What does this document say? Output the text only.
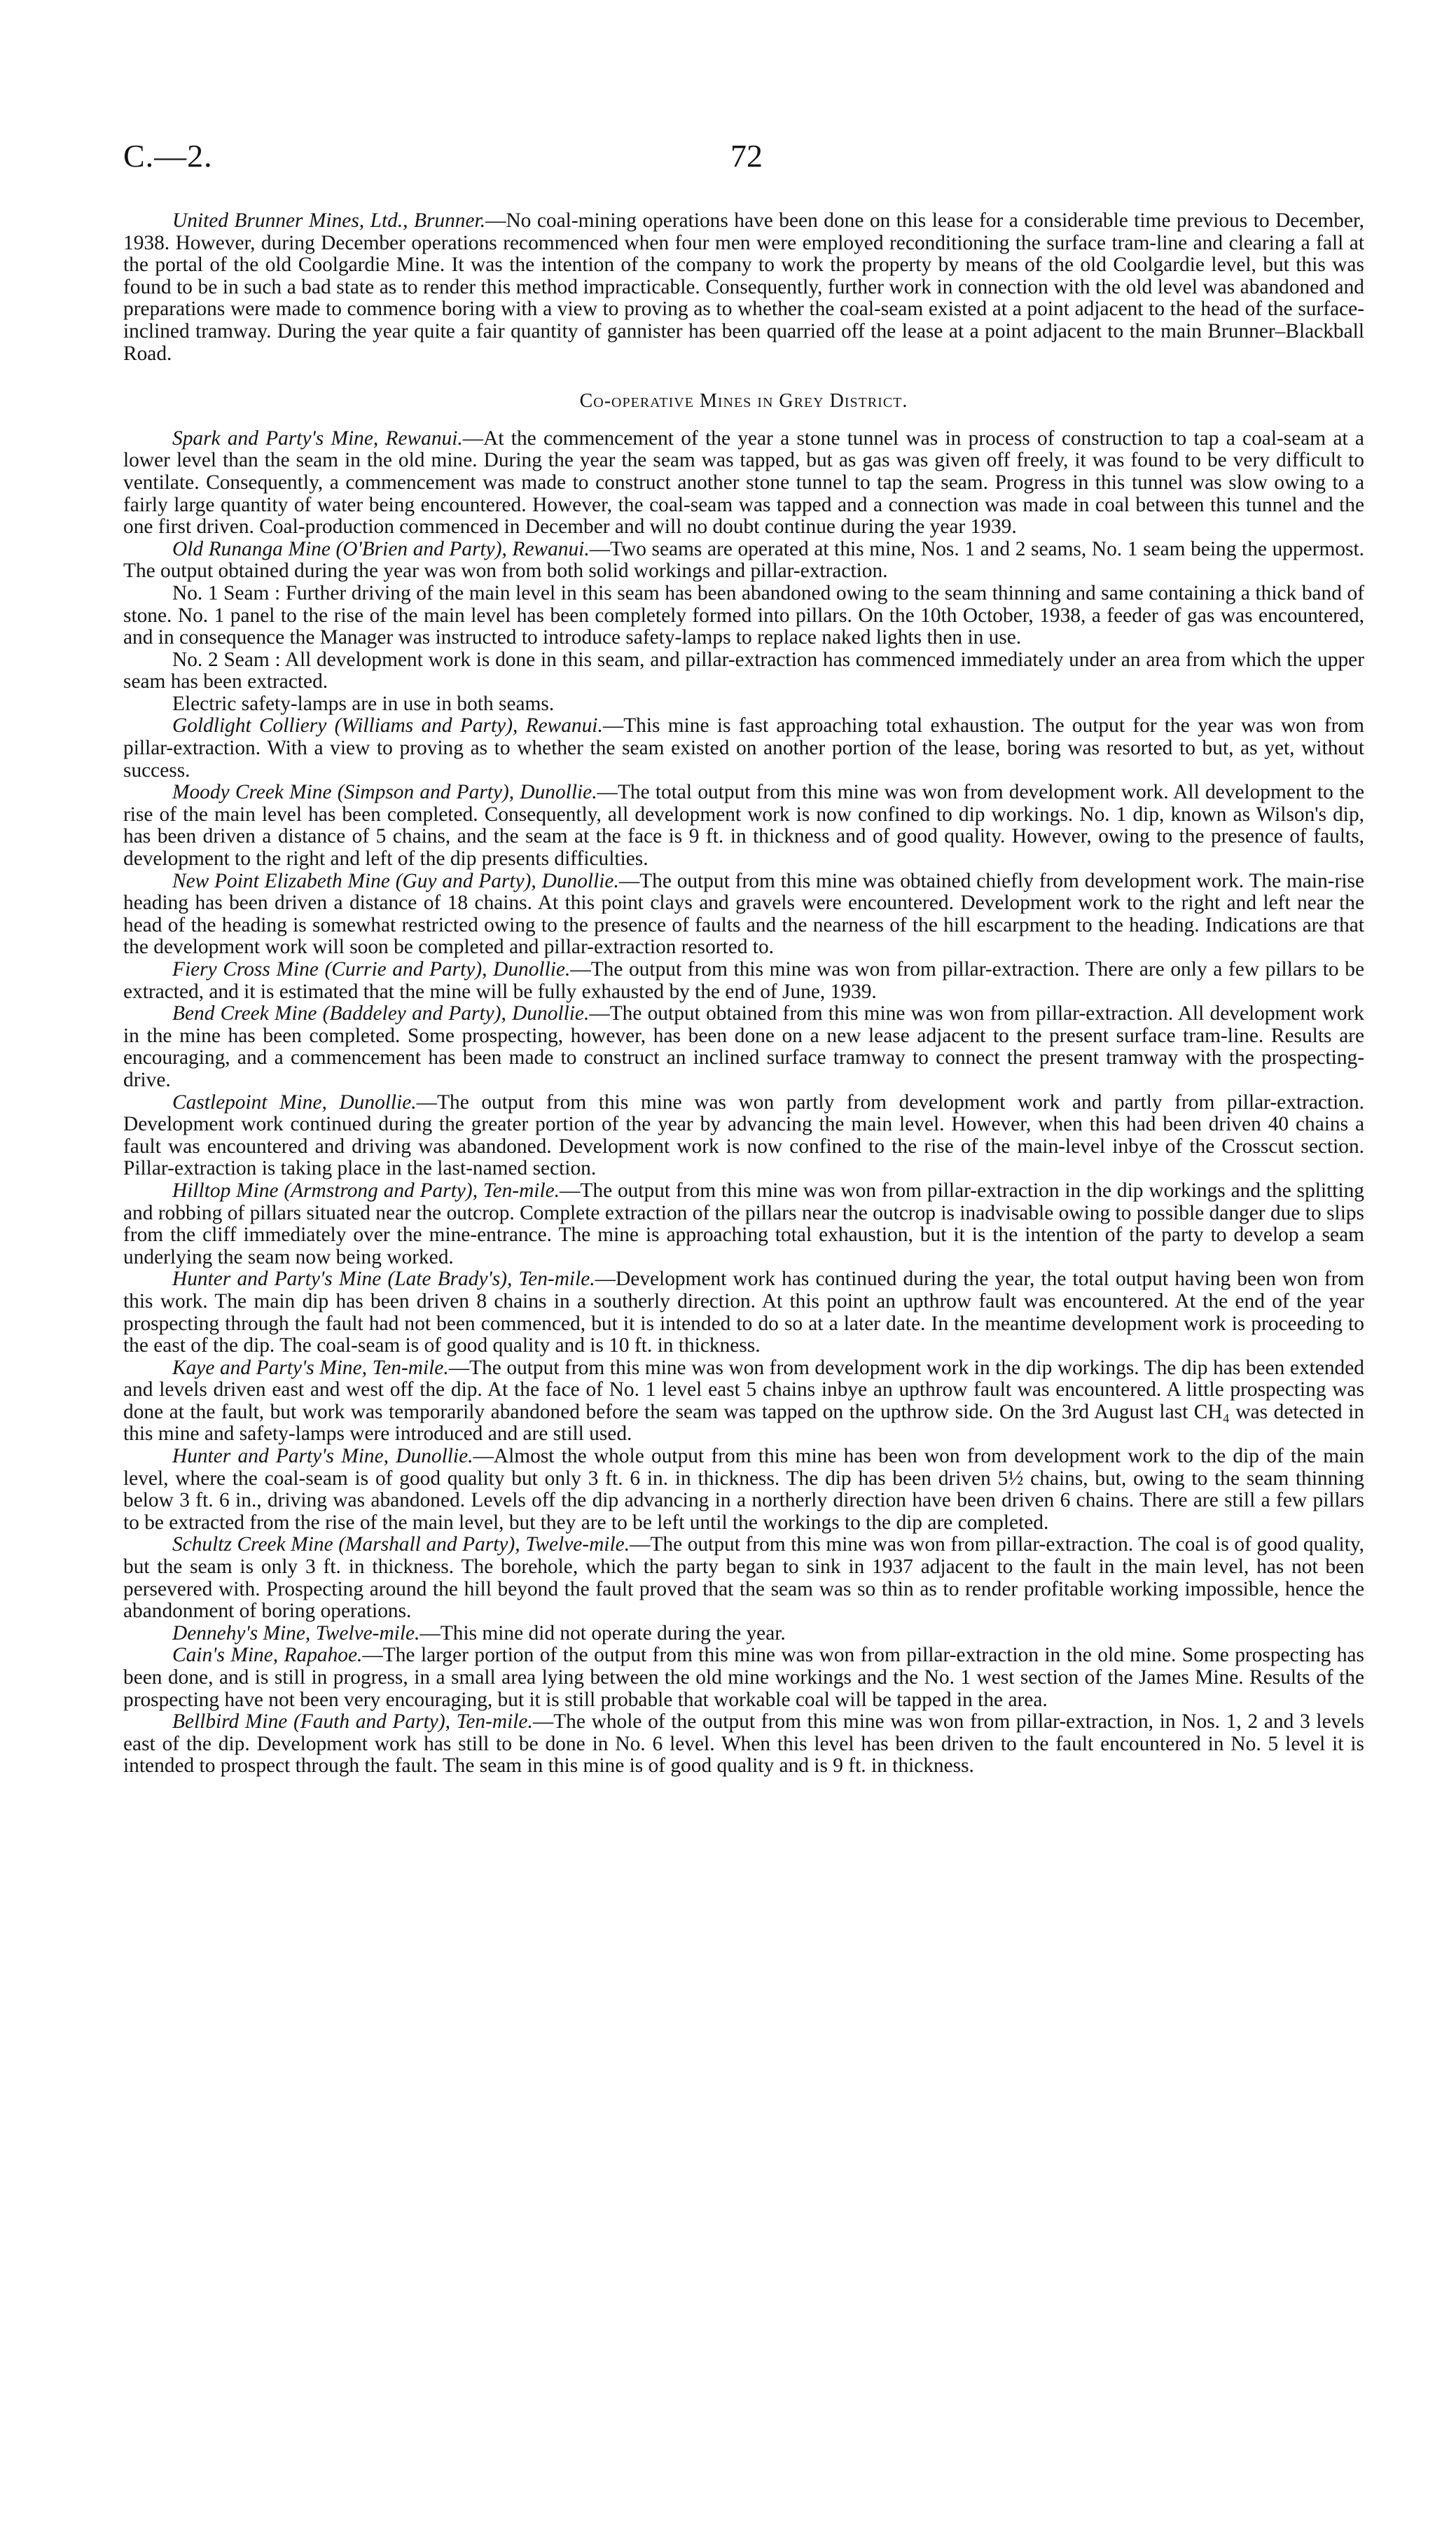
C.—2.	72

United Brunner Mines, Ltd., Brunner.—No coal-mining operations have been done on this lease for a considerable time previous to December, 1938. However, during December operations recommenced when four men were employed reconditioning the surface tram-line and clearing a fall at the portal of the old Coolgardie Mine. It was the intention of the company to work the property by means of the old Coolgardie level, but this was found to be in such a bad state as to render this method impracticable. Consequently, further work in connection with the old level was abandoned and preparations were made to commence boring with a view to proving as to whether the coal-seam existed at a point adjacent to the head of the surface-inclined tramway. During the year quite a fair quantity of gannister has been quarried off the lease at a point adjacent to the main Brunner–Blackball Road.

Co-operative Mines in Grey District.

Spark and Party's Mine, Rewanui.—At the commencement of the year a stone tunnel was in process of construction to tap a coal-seam at a lower level than the seam in the old mine. During the year the seam was tapped, but as gas was given off freely, it was found to be very difficult to ventilate. Consequently, a commencement was made to construct another stone tunnel to tap the seam. Progress in this tunnel was slow owing to a fairly large quantity of water being encountered. However, the coal-seam was tapped and a connection was made in coal between this tunnel and the one first driven. Coal-production commenced in December and will no doubt continue during the year 1939.

Old Runanga Mine (O'Brien and Party), Rewanui.—Two seams are operated at this mine, Nos. 1 and 2 seams, No. 1 seam being the uppermost. The output obtained during the year was won from both solid workings and pillar-extraction.

No. 1 Seam : Further driving of the main level in this seam has been abandoned owing to the seam thinning and same containing a thick band of stone. No. 1 panel to the rise of the main level has been completely formed into pillars. On the 10th October, 1938, a feeder of gas was encountered, and in consequence the Manager was instructed to introduce safety-lamps to replace naked lights then in use.

No. 2 Seam : All development work is done in this seam, and pillar-extraction has commenced immediately under an area from which the upper seam has been extracted.

Electric safety-lamps are in use in both seams.

Goldlight Colliery (Williams and Party), Rewanui.—This mine is fast approaching total exhaustion. The output for the year was won from pillar-extraction. With a view to proving as to whether the seam existed on another portion of the lease, boring was resorted to but, as yet, without success.

Moody Creek Mine (Simpson and Party), Dunollie.—The total output from this mine was won from development work. All development to the rise of the main level has been completed. Consequently, all development work is now confined to dip workings. No. 1 dip, known as Wilson's dip, has been driven a distance of 5 chains, and the seam at the face is 9 ft. in thickness and of good quality. However, owing to the presence of faults, development to the right and left of the dip presents difficulties.

New Point Elizabeth Mine (Guy and Party), Dunollie.—The output from this mine was obtained chiefly from development work. The main-rise heading has been driven a distance of 18 chains. At this point clays and gravels were encountered. Development work to the right and left near the head of the heading is somewhat restricted owing to the presence of faults and the nearness of the hill escarpment to the heading. Indications are that the development work will soon be completed and pillar-extraction resorted to.

Fiery Cross Mine (Currie and Party), Dunollie.—The output from this mine was won from pillar-extraction. There are only a few pillars to be extracted, and it is estimated that the mine will be fully exhausted by the end of June, 1939.

Bend Creek Mine (Baddeley and Party), Dunollie.—The output obtained from this mine was won from pillar-extraction. All development work in the mine has been completed. Some prospecting, however, has been done on a new lease adjacent to the present surface tram-line. Results are encouraging, and a commencement has been made to construct an inclined surface tramway to connect the present tramway with the prospecting-drive.

Castlepoint Mine, Dunollie.—The output from this mine was won partly from development work and partly from pillar-extraction. Development work continued during the greater portion of the year by advancing the main level. However, when this had been driven 40 chains a fault was encountered and driving was abandoned. Development work is now confined to the rise of the main-level inbye of the Crosscut section. Pillar-extraction is taking place in the last-named section.

Hilltop Mine (Armstrong and Party), Ten-mile.—The output from this mine was won from pillar-extraction in the dip workings and the splitting and robbing of pillars situated near the outcrop. Complete extraction of the pillars near the outcrop is inadvisable owing to possible danger due to slips from the cliff immediately over the mine-entrance. The mine is approaching total exhaustion, but it is the intention of the party to develop a seam underlying the seam now being worked.

Hunter and Party's Mine (Late Brady's), Ten-mile.—Development work has continued during the year, the total output having been won from this work. The main dip has been driven 8 chains in a southerly direction. At this point an upthrow fault was encountered. At the end of the year prospecting through the fault had not been commenced, but it is intended to do so at a later date. In the meantime development work is proceeding to the east of the dip. The coal-seam is of good quality and is 10 ft. in thickness.

Kaye and Party's Mine, Ten-mile.—The output from this mine was won from development work in the dip workings. The dip has been extended and levels driven east and west off the dip. At the face of No. 1 level east 5 chains inbye an upthrow fault was encountered. A little prospecting was done at the fault, but work was temporarily abandoned before the seam was tapped on the upthrow side. On the 3rd August last CH₄ was detected in this mine and safety-lamps were introduced and are still used.

Hunter and Party's Mine, Dunollie.—Almost the whole output from this mine has been won from development work to the dip of the main level, where the coal-seam is of good quality but only 3 ft. 6 in. in thickness. The dip has been driven 5½ chains, but, owing to the seam thinning below 3 ft. 6 in., driving was abandoned. Levels off the dip advancing in a northerly direction have been driven 6 chains. There are still a few pillars to be extracted from the rise of the main level, but they are to be left until the workings to the dip are completed.

Schultz Creek Mine (Marshall and Party), Twelve-mile.—The output from this mine was won from pillar-extraction. The coal is of good quality, but the seam is only 3 ft. in thickness. The borehole, which the party began to sink in 1937 adjacent to the fault in the main level, has not been persevered with. Prospecting around the hill beyond the fault proved that the seam was so thin as to render profitable working impossible, hence the abandonment of boring operations.

Dennehy's Mine, Twelve-mile.—This mine did not operate during the year.

Cain's Mine, Rapahoe.—The larger portion of the output from this mine was won from pillar-extraction in the old mine. Some prospecting has been done, and is still in progress, in a small area lying between the old mine workings and the No. 1 west section of the James Mine. Results of the prospecting have not been very encouraging, but it is still probable that workable coal will be tapped in the area.

Bellbird Mine (Fauth and Party), Ten-mile.—The whole of the output from this mine was won from pillar-extraction, in Nos. 1, 2 and 3 levels east of the dip. Development work has still to be done in No. 6 level. When this level has been driven to the fault encountered in No. 5 level it is intended to prospect through the fault. The seam in this mine is of good quality and is 9 ft. in thickness.
